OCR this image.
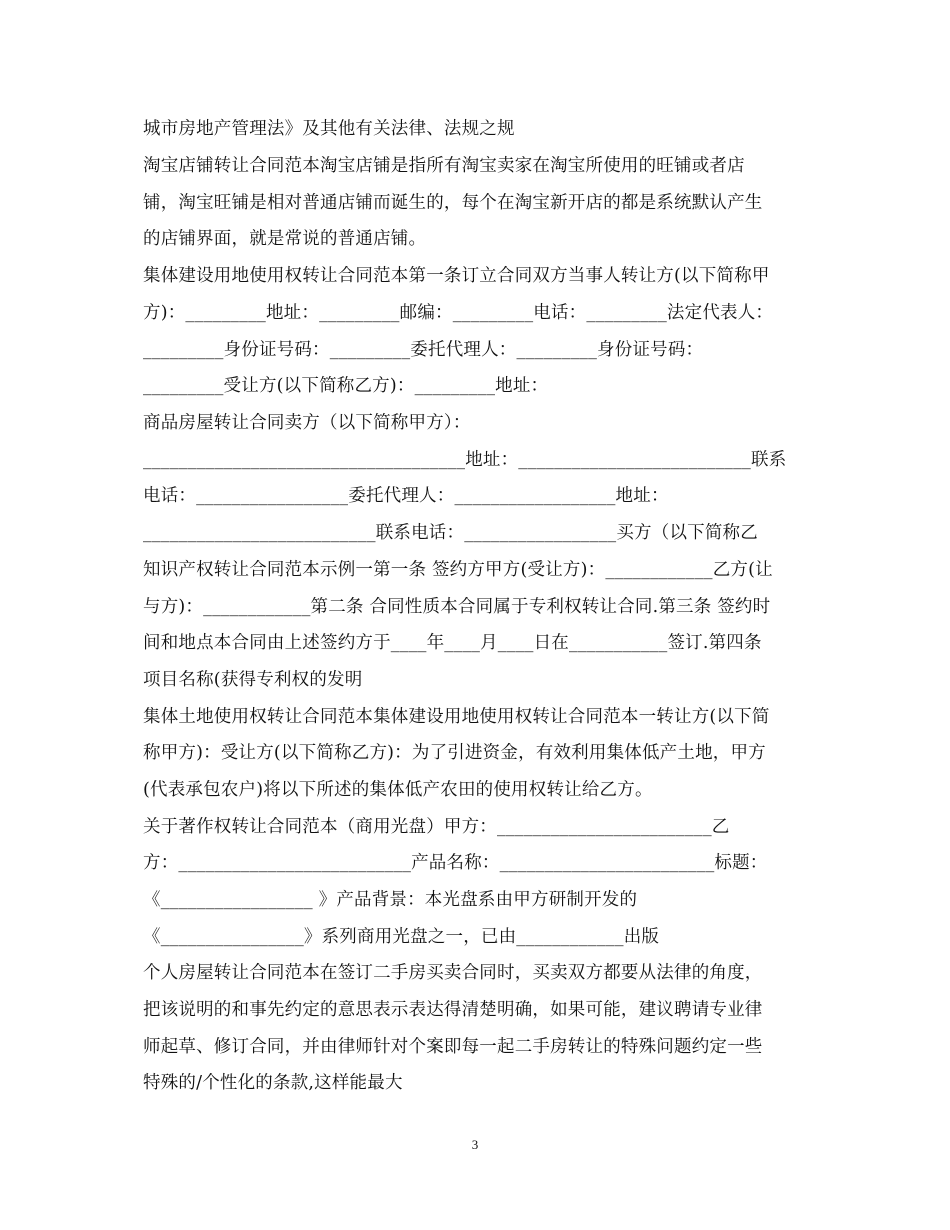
城市房地产管理法》及其他有关法律、法规之规
淘宝店铺转让合同范本淘宝店铺是指所有淘宝卖家在淘宝所使用的旺铺或者店
铺，淘宝旺铺是相对普通店铺而诞生的，每个在淘宝新开店的都是系统默认产生
的店铺界面，就是常说的普通店铺。
集体建设用地使用权转让合同范本第一条订立合同双方当事人转让方(以下简称甲
方)：_________地址：_________邮编：_________电话：_________法定代表人：
_________身份证号码：_________委托代理人：_________身份证号码：
_________受让方(以下简称乙方)：_________地址：
商品房屋转让合同卖方（以下简称甲方）：
____________________________________地址：__________________________联系
电话：_________________委托代理人：__________________地址：
__________________________联系电话：_________________买方（以下简称乙
知识产权转让合同范本示例一第一条 签约方甲方(受让方)：____________乙方(让
与方)：____________第二条 合同性质本合同属于专利权转让合同.第三条 签约时
间和地点本合同由上述签约方于____年____月____日在___________签订.第四条
项目名称(获得专利权的发明
集体土地使用权转让合同范本集体建设用地使用权转让合同范本一转让方(以下简
称甲方)：受让方(以下简称乙方)：为了引进资金，有效利用集体低产土地，甲方
(代表承包农户)将以下所述的集体低产农田的使用权转让给乙方。
关于著作权转让合同范本（商用光盘）甲方：________________________乙
方：__________________________产品名称：________________________标题：
《_________________ 》产品背景：本光盘系由甲方研制开发的
《________________》系列商用光盘之一，已由____________出版
个人房屋转让合同范本在签订二手房买卖合同时，买卖双方都要从法律的角度，
把该说明的和事先约定的意思表示表达得清楚明确，如果可能，建议聘请专业律
师起草、修订合同，并由律师针对个案即每一起二手房转让的特殊问题约定一些
特殊的/个性化的条款,这样能最大
3
